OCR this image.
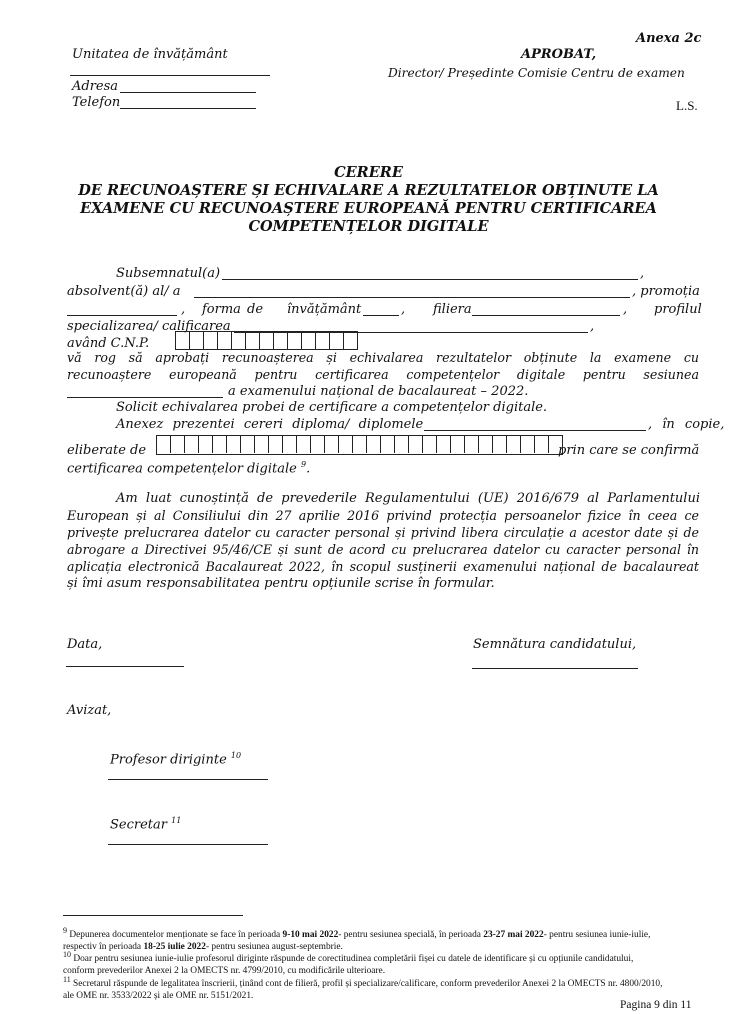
Anexa 2c
Unitatea de învățământ	APROBAT,
Director/ Președinte Comisie Centru de examen
Adresa
Telefon	L.S.
CERERE
DE RECUNOAȘTERE ȘI ECHIVALARE A REZULTATELOR OBȚINUTE LA
EXAMENE CU RECUNOAȘTERE EUROPEANĂ PENTRU CERTIFICAREA
COMPETENȚELOR DIGITALE
Subsemnatul(a)	,
absolvent(ă) al/ a	, promoția
, forma de învățământ	, filiera	, profilul
specializarea/ calificarea	,
având C.N.P.
vă rog să aprobați recunoașterea și echivalarea rezultatelor obținute la examene cu
recunoaștere europeană pentru certificarea competențelor digitale pentru sesiunea
a examenului național de bacalaureat – 2022.
Solicit echivalarea probei de certificare a competențelor digitale.
Anexez prezentei cereri diploma/ diplomele	, în copie,
eliberate de	prin care se confirmă
certificarea competențelor digitale $^9$.
Am luat cunoștință de prevederile Regulamentului (UE) 2016/679 al Parlamentului
European și al Consiliului din 27 aprilie 2016 privind protecția persoanelor fizice în ceea ce
privește prelucrarea datelor cu caracter personal și privind libera circulație a acestor date și de
abrogare a Directivei 95/46/CE și sunt de acord cu prelucrarea datelor cu caracter personal în
aplicația electronică Bacalaureat 2022, în scopul susținerii examenului național de bacalaureat
și îmi asum responsabilitatea pentru opțiunile scrise în formular.
Data,	Semnătura candidatului,
Avizat,
Profesor diriginte $^{10}$
Secretar $^{11}$
$^9$ Depunerea documentelor menționate se face în perioada 9-10 mai 2022- pentru sesiunea specială, în perioada 23-27 mai 2022- pentru sesiunea iunie-iulie,
respectiv în perioada 18-25 iulie 2022- pentru sesiunea august-septembrie.
$^{10}$ Doar pentru sesiunea iunie-iulie profesorul diriginte răspunde de corectitudinea completării fișei cu datele de identificare și cu opțiunile candidatului,
conform prevederilor Anexei 2 la OMECTS nr. 4799/2010, cu modificările ulterioare.
$^{11}$ Secretarul răspunde de legalitatea înscrierii, ținând cont de filieră, profil și specializare/calificare, conform prevederilor Anexei 2 la OMECTS nr. 4800/2010,
ale OME nr. 3533/2022 și ale OME nr. 5151/2021.
Pagina 9 din 11
